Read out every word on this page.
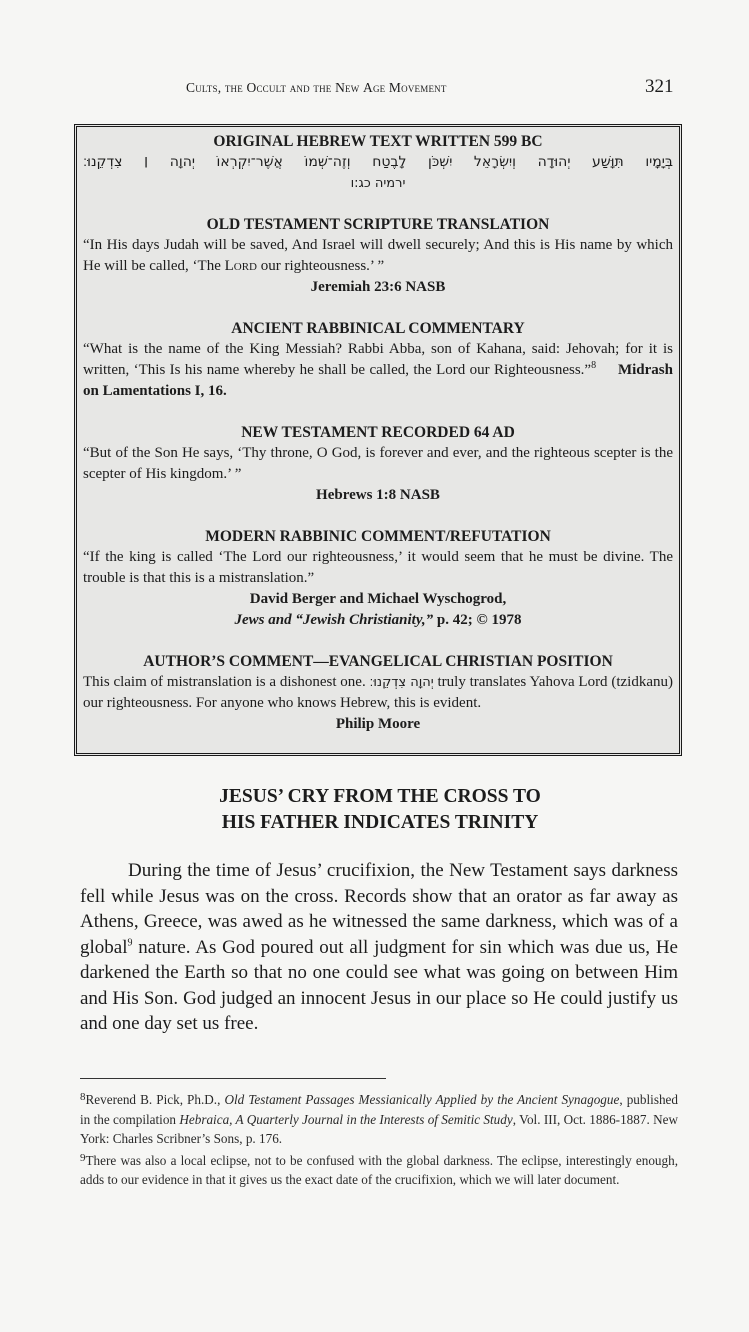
Cults, the Occult and the New Age Movement	321
ORIGINAL HEBREW TEXT WRITTEN 599 BC
בְּיָמָיו תִּוָּשַׁע יְהוּדָה וְיִשְׂרָאֵל יִשְׁכֹּן לָבֶטַח וְזֶה־שְּׁמוֹ אֲשֶׁר־יִקְרְאוֹ יְהוָה ׀ צִדְקֵנוּ׃
ירמיה כג:ו
OLD TESTAMENT SCRIPTURE TRANSLATION
“In His days Judah will be saved, And Israel will dwell securely; And this is His name by which He will be called, ‘The Lord our righteousness.’ ”
Jeremiah 23:6 NASB
ANCIENT RABBINICAL COMMENTARY
“What is the name of the King Messiah? Rabbi Abba, son of Kahana, said: Jehovah; for it is written, ‘This Is his name whereby he shall be called, the Lord our Righteousness.”$^8$ Midrash on Lamentations I, 16.
NEW TESTAMENT RECORDED 64 AD
“But of the Son He says, ‘Thy throne, O God, is forever and ever, and the righteous scepter is the scepter of His kingdom.’ ”
Hebrews 1:8 NASB
MODERN RABBINIC COMMENT/REFUTATION
“If the king is called ‘The Lord our righteousness,’ it would seem that he must be divine. The trouble is that this is a mistranslation.”
David Berger and Michael Wyschogrod,
Jews and “Jewish Christianity,” p. 42; © 1978
AUTHOR’S COMMENT—EVANGELICAL CHRISTIAN POSITION
This claim of mistranslation is a dishonest one. יְהוָה צִדְקֵנוּ׃ truly translates Yahova Lord (tzidkanu) our righteousness. For anyone who knows Hebrew, this is evident.
Philip Moore
JESUS’ CRY FROM THE CROSS TO
HIS FATHER INDICATES TRINITY

During the time of Jesus’ crucifixion, the New Testament says darkness fell while Jesus was on the cross. Records show that an orator as far away as Athens, Greece, was awed as he witnessed the same darkness, which was of a global$^9$ nature. As God poured out all judgment for sin which was due us, He darkened the Earth so that no one could see what was going on between Him and His Son. God judged an innocent Jesus in our place so He could justify us and one day set us free.

$^8$Reverend B. Pick, Ph.D., Old Testament Passages Messianically Applied by the Ancient Synagogue, published in the compilation Hebraica, A Quarterly Journal in the Interests of Semitic Study, Vol. III, Oct. 1886-1887. New York: Charles Scribner’s Sons, p. 176.

$^9$There was also a local eclipse, not to be confused with the global darkness. The eclipse, interestingly enough, adds to our evidence in that it gives us the exact date of the crucifixion, which we will later document.
